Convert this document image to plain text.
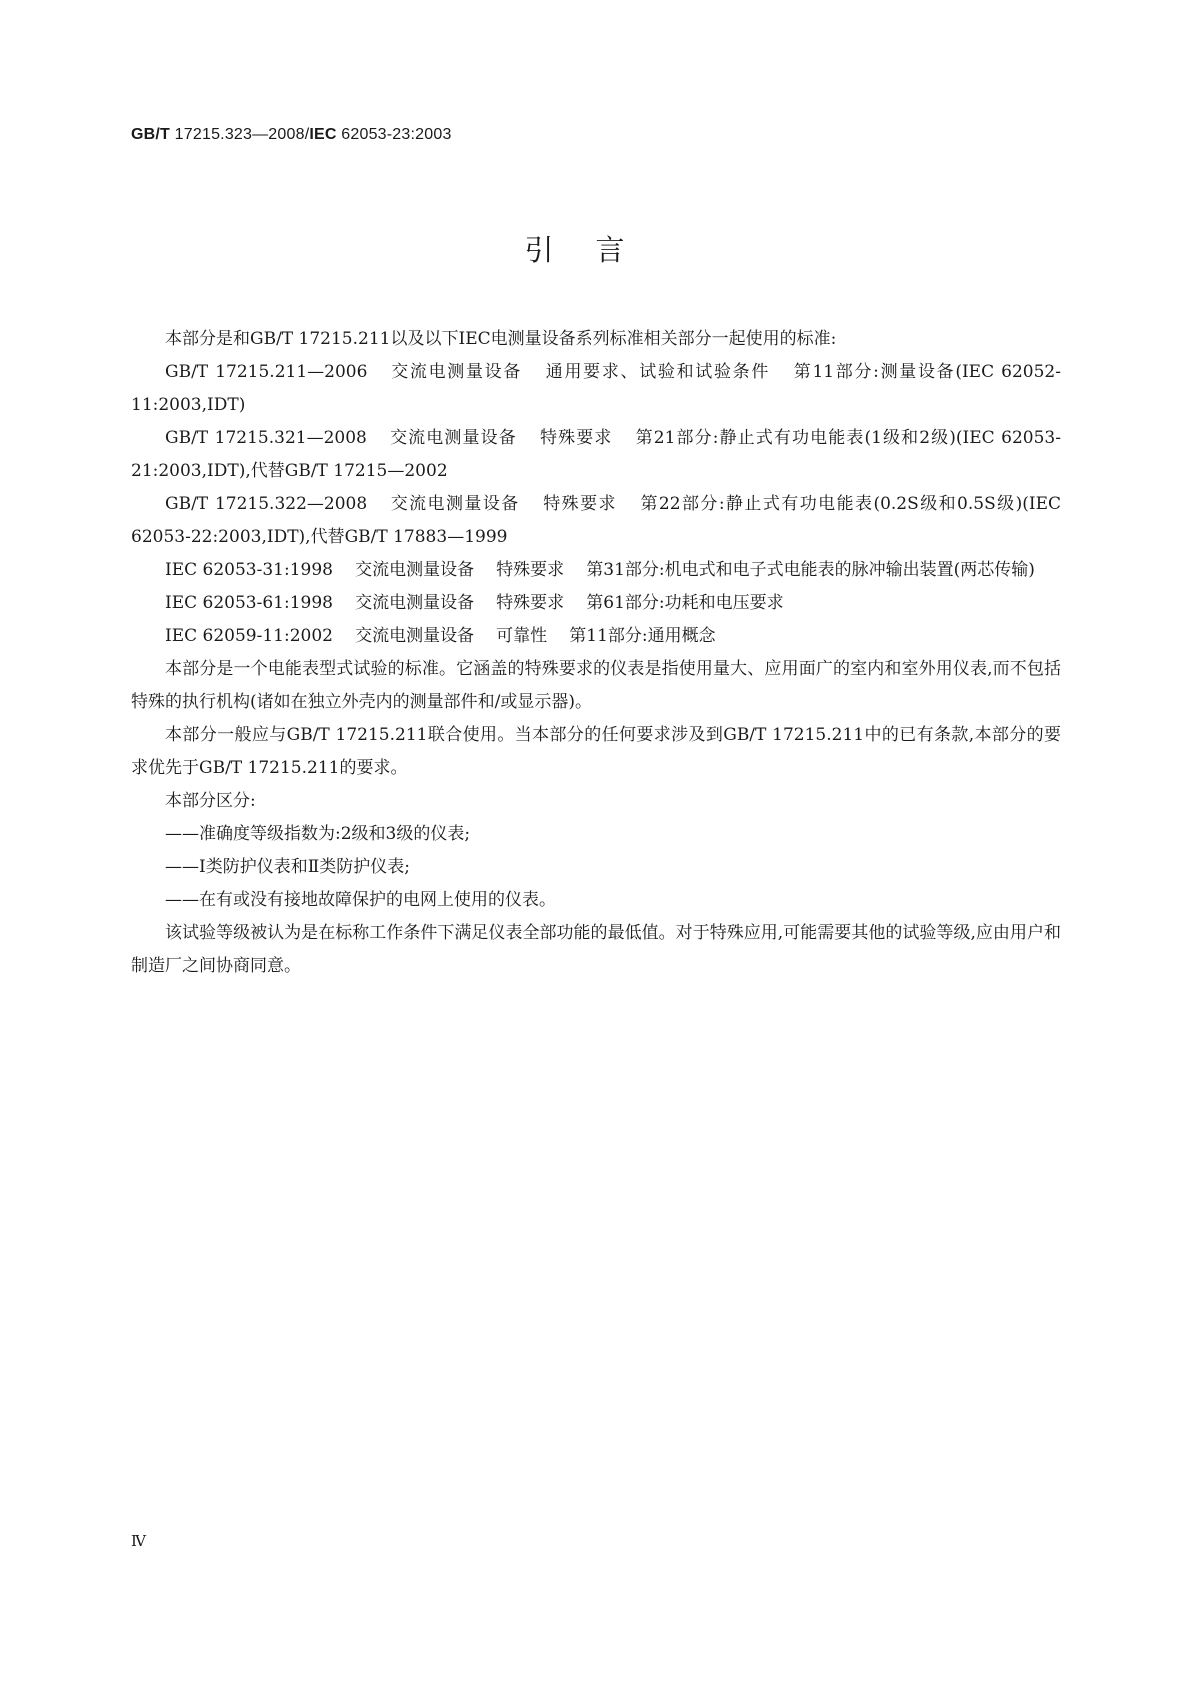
GB/T 17215.323—2008/IEC 62053-23:2003
引言

本部分是和GB/T 17215.211以及以下IEC电测量设备系列标准相关部分一起使用的标准:

GB/T 17215.211—2006 交流电测量设备 通用要求、试验和试验条件 第11部分:测量设备(IEC 62052-11:2003,IDT)

GB/T 17215.321—2008 交流电测量设备 特殊要求 第21部分:静止式有功电能表(1级和2级)(IEC 62053-21:2003,IDT),代替GB/T 17215—2002

GB/T 17215.322—2008 交流电测量设备 特殊要求 第22部分:静止式有功电能表(0.2S级和0.5S级)(IEC 62053-22:2003,IDT),代替GB/T 17883—1999

IEC 62053-31:1998 交流电测量设备 特殊要求 第31部分:机电式和电子式电能表的脉冲输出装置(两芯传输)

IEC 62053-61:1998 交流电测量设备 特殊要求 第61部分:功耗和电压要求

IEC 62059-11:2002 交流电测量设备 可靠性 第11部分:通用概念

本部分是一个电能表型式试验的标准。它涵盖的特殊要求的仪表是指使用量大、应用面广的室内和室外用仪表,而不包括特殊的执行机构(诸如在独立外壳内的测量部件和/或显示器)。

本部分一般应与GB/T 17215.211联合使用。当本部分的任何要求涉及到GB/T 17215.211中的已有条款,本部分的要求优先于GB/T 17215.211的要求。

本部分区分:

——准确度等级指数为:2级和3级的仪表;

——Ⅰ类防护仪表和Ⅱ类防护仪表;

——在有或没有接地故障保护的电网上使用的仪表。

该试验等级被认为是在标称工作条件下满足仪表全部功能的最低值。对于特殊应用,可能需要其他的试验等级,应由用户和制造厂之间协商同意。

Ⅳ
